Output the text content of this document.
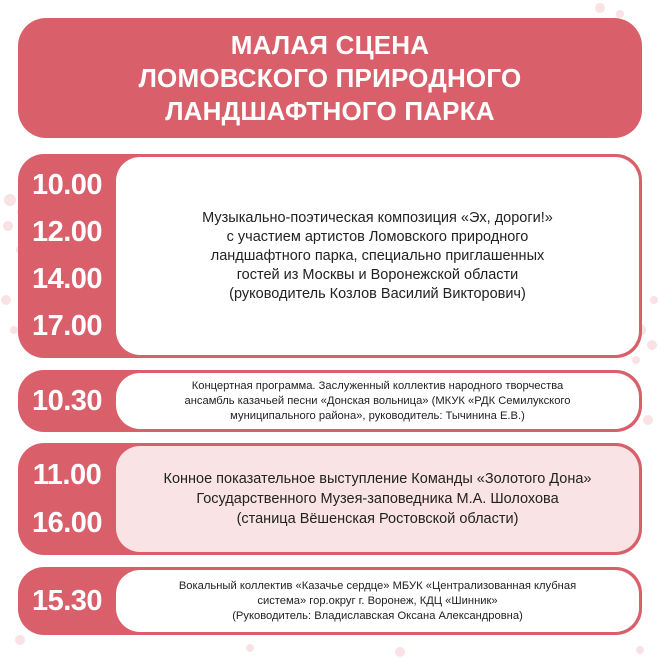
МАЛАЯ СЦЕНА
ЛОМОВСКОГО ПРИРОДНОГО
ЛАНДШАФТНОГО ПАРКА
10.00
12.00
14.00
17.00
Музыкально-поэтическая композиция «Эх, дороги!»
с участием артистов Ломовского природного
ландшафтного парка, специально приглашенных
гостей из Москвы и Воронежской области
(руководитель Козлов Василий Викторович)
10.30	Концертная программа. Заслуженный коллектив народного творчества
ансамбль казачьей песни «Донская вольница» (МКУК «РДК Семилукского
муниципального района», руководитель: Тычинина Е.В.)
11.00
16.00
Конное показательное выступление Команды «Золотого Дона»
Государственного Музея-заповедника М.А. Шолохова
(станица Вёшенская Ростовской области)
15.30	Вокальный коллектив «Казачье сердце» МБУК «Централизованная клубная
система» гор.округ г. Воронеж, КДЦ «Шинник»
(Руководитель: Владиславская Оксана Александровна)
